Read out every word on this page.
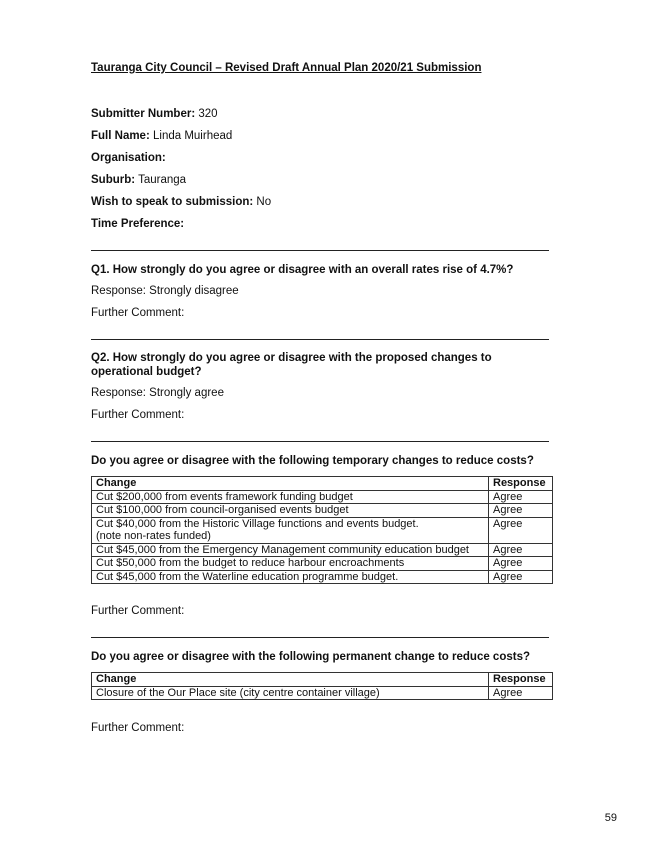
Tauranga City Council – Revised Draft Annual Plan 2020/21 Submission
Submitter Number: 320
Full Name: Linda Muirhead
Organisation:
Suburb: Tauranga
Wish to speak to submission: No
Time Preference:
Q1. How strongly do you agree or disagree with an overall rates rise of 4.7%?
Response: Strongly disagree
Further Comment:
Q2. How strongly do you agree or disagree with the proposed changes to operational budget?
Response: Strongly agree
Further Comment:
Do you agree or disagree with the following temporary changes to reduce costs?
Change	Response
Cut $200,000 from events framework funding budget	Agree
Cut $100,000 from council-organised events budget	Agree
Cut $40,000 from the Historic Village functions and events budget.
(note non-rates funded)	Agree
Cut $45,000 from the Emergency Management community education budget	Agree
Cut $50,000 from the budget to reduce harbour encroachments	Agree
Cut $45,000 from the Waterline education programme budget.	Agree
Further Comment:
Do you agree or disagree with the following permanent change to reduce costs?
Change	Response
Closure of the Our Place site (city centre container village)	Agree
Further Comment:
59
